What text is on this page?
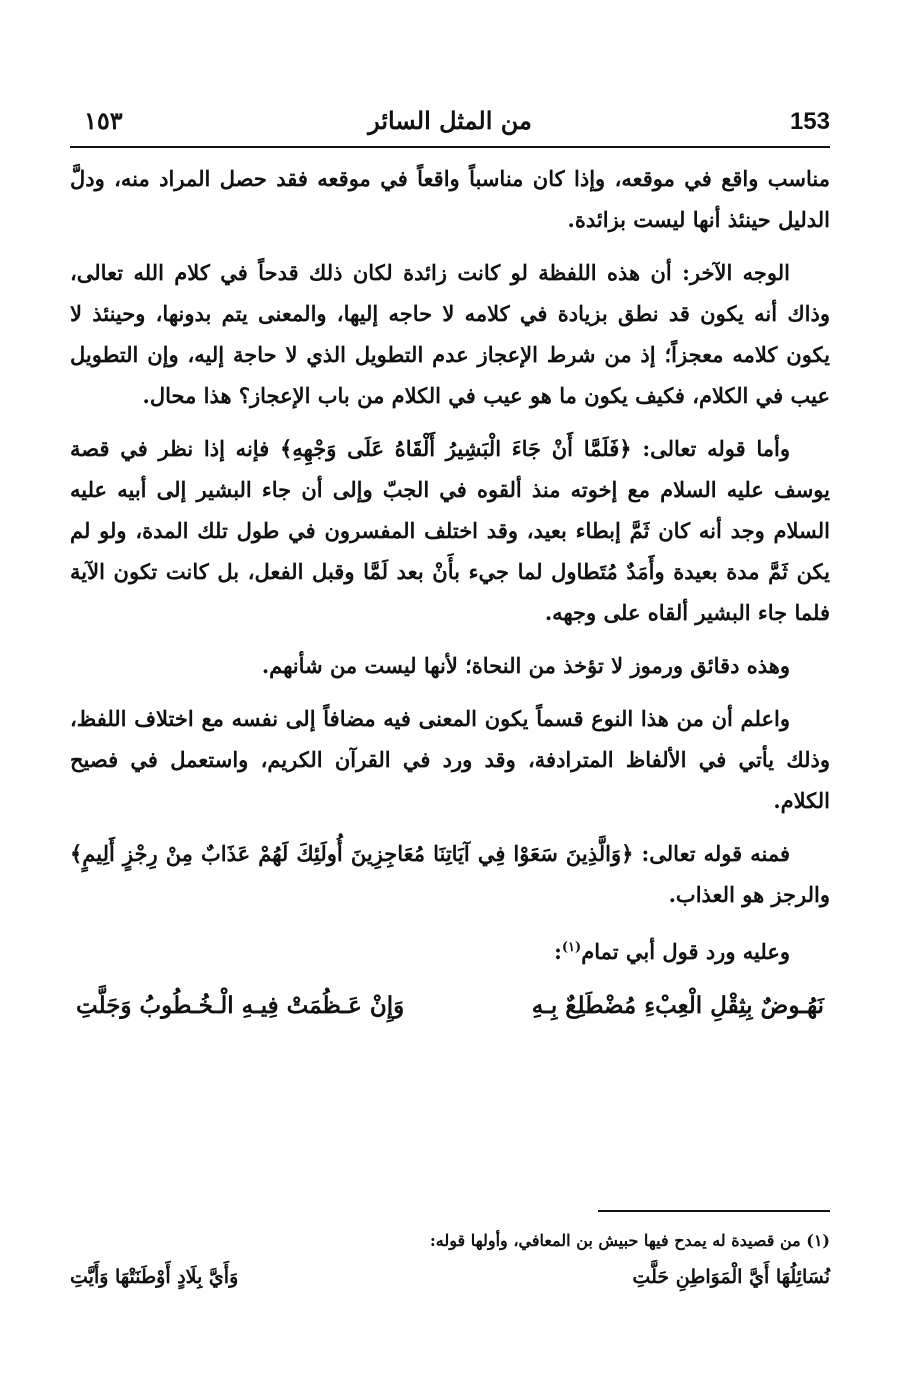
153
من المثل السائر
١٥٣

مناسب واقع في موقعه، وإذا كان مناسباً واقعاً في موقعه فقد حصل المراد منه، ودلَّ الدليل حينئذ أنها ليست بزائدة.

الوجه الآخر: أن هذه اللفظة لو كانت زائدة لكان ذلك قدحاً في كلام الله تعالى، وذاك أنه يكون قد نطق بزيادة في كلامه لا حاجه إليها، والمعنى يتم بدونها، وحينئذ لا يكون كلامه معجزاً؛ إذ من شرط الإعجاز عدم التطويل الذي لا حاجة إليه، وإن التطويل عيب في الكلام، فكيف يكون ما هو عيب في الكلام من باب الإعجاز؟ هذا محال.

وأما قوله تعالى: ﴿فَلَمَّا أَنْ جَاءَ الْبَشِيرُ أَلْقَاهُ عَلَى وَجْهِهِ﴾ فإنه إذا نظر في قصة يوسف عليه السلام مع إخوته منذ ألقوه في الجبّ وإلى أن جاء البشير إلى أبيه عليه السلام وجد أنه كان ثَمَّ إبطاء بعيد، وقد اختلف المفسرون في طول تلك المدة، ولو لم يكن ثَمَّ مدة بعيدة وأَمَدٌ مُتَطاول لما جيء بأَنْ بعد لَمَّا وقبل الفعل، بل كانت تكون الآية فلما جاء البشير ألقاه على وجهه.

وهذه دقائق ورموز لا تؤخذ من النحاة؛ لأنها ليست من شأنهم.

واعلم أن من هذا النوع قسماً يكون المعنى فيه مضافاً إلى نفسه مع اختلاف اللفظ، وذلك يأتي في الألفاظ المترادفة، وقد ورد في القرآن الكريم، واستعمل في فصيح الكلام.

فمنه قوله تعالى: ﴿وَالَّذِينَ سَعَوْا فِي آيَاتِنَا مُعَاجِزِينَ أُولَئِكَ لَهُمْ عَذَابٌ مِنْ رِجْزٍ أَلِيمٍ﴾ والرجز هو العذاب.

وعليه ورد قول أبي تمام$^{(١)}$:

نَهُـوضٌ بِثِقْلِ الْعِبْءِ مُضْطَلِعٌ بِـهِ
وَإِنْ عَـظُمَتْ فِيـهِ الْـخُـطُوبُ وَجَلَّتِ
(١) من قصيدة له يمدح فيها حبيش بن المعافي، وأولها قوله:
نُسَائِلُهَا أَيَّ الْمَوَاطِنِ حَلَّتِ
وَأَيَّ بِلَادٍ أَوْطَنَتْهَا وَأَيَّتِ
